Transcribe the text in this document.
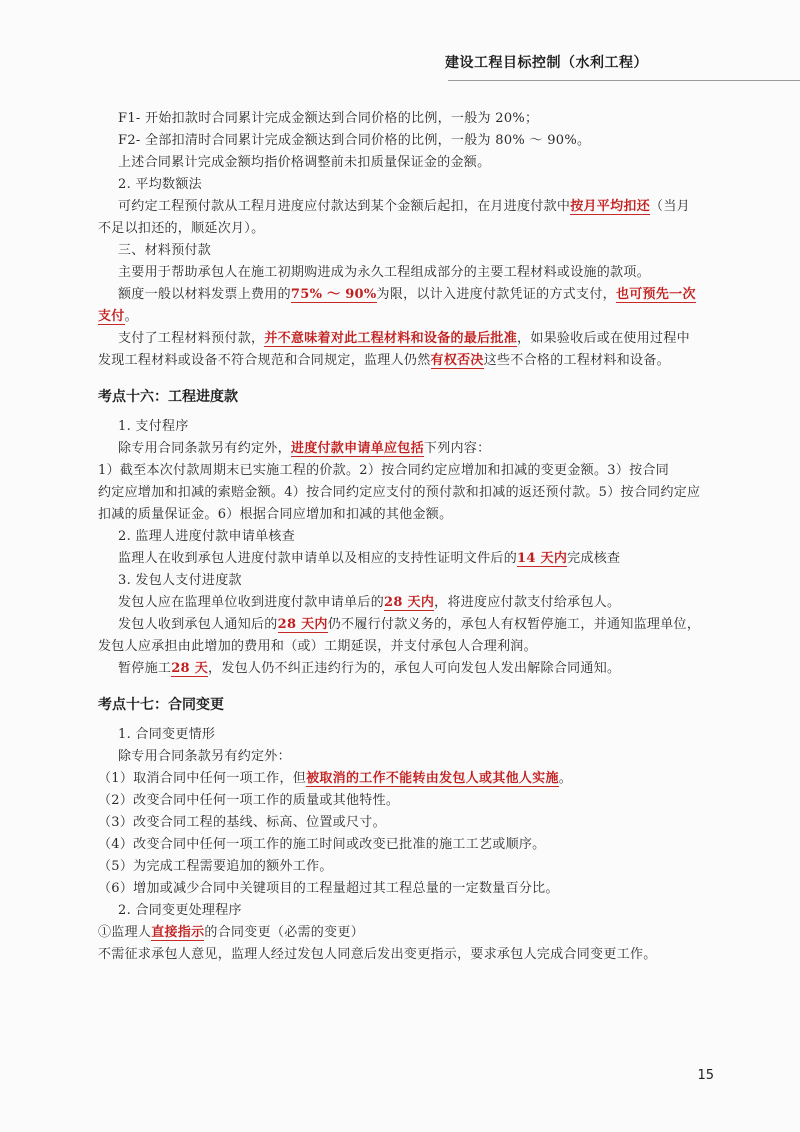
建设工程目标控制（水利工程）
F1- 开始扣款时合同累计完成金额达到合同价格的比例，一般为 20%；
F2- 全部扣清时合同累计完成金额达到合同价格的比例，一般为 80% ～ 90%。
上述合同累计完成金额均指价格调整前未扣质量保证金的金额。
2. 平均数额法
可约定工程预付款从工程月进度应付款达到某个金额后起扣，在月进度付款中按月平均扣还（当月
不足以扣还的，顺延次月）。
三、材料预付款
主要用于帮助承包人在施工初期购进成为永久工程组成部分的主要工程材料或设施的款项。
额度一般以材料发票上费用的75% ～ 90%为限，以计入进度付款凭证的方式支付，也可预先一次
支付。
支付了工程材料预付款，并不意味着对此工程材料和设备的最后批准，如果验收后或在使用过程中
发现工程材料或设备不符合规范和合同规定，监理人仍然有权否决这些不合格的工程材料和设备。
考点十六：工程进度款
1. 支付程序
除专用合同条款另有约定外，进度付款申请单应包括下列内容：
1）截至本次付款周期末已实施工程的价款。2）按合同约定应增加和扣减的变更金额。3）按合同
约定应增加和扣减的索赔金额。4）按合同约定应支付的预付款和扣减的返还预付款。5）按合同约定应
扣减的质量保证金。6）根据合同应增加和扣减的其他金额。
2. 监理人进度付款申请单核查
监理人在收到承包人进度付款申请单以及相应的支持性证明文件后的14 天内完成核查
3. 发包人支付进度款
发包人应在监理单位收到进度付款申请单后的28 天内，将进度应付款支付给承包人。
发包人收到承包人通知后的28 天内仍不履行付款义务的，承包人有权暂停施工，并通知监理单位，
发包人应承担由此增加的费用和（或）工期延误，并支付承包人合理利润。
暂停施工28 天，发包人仍不纠正违约行为的，承包人可向发包人发出解除合同通知。
考点十七：合同变更
1. 合同变更情形
除专用合同条款另有约定外：
（1）取消合同中任何一项工作，但被取消的工作不能转由发包人或其他人实施。
（2）改变合同中任何一项工作的质量或其他特性。
（3）改变合同工程的基线、标高、位置或尺寸。
（4）改变合同中任何一项工作的施工时间或改变已批准的施工工艺或顺序。
（5）为完成工程需要追加的额外工作。
（6）增加或减少合同中关键项目的工程量超过其工程总量的一定数量百分比。
2. 合同变更处理程序
①监理人直接指示的合同变更（必需的变更）
不需征求承包人意见，监理人经过发包人同意后发出变更指示，要求承包人完成合同变更工作。
15
